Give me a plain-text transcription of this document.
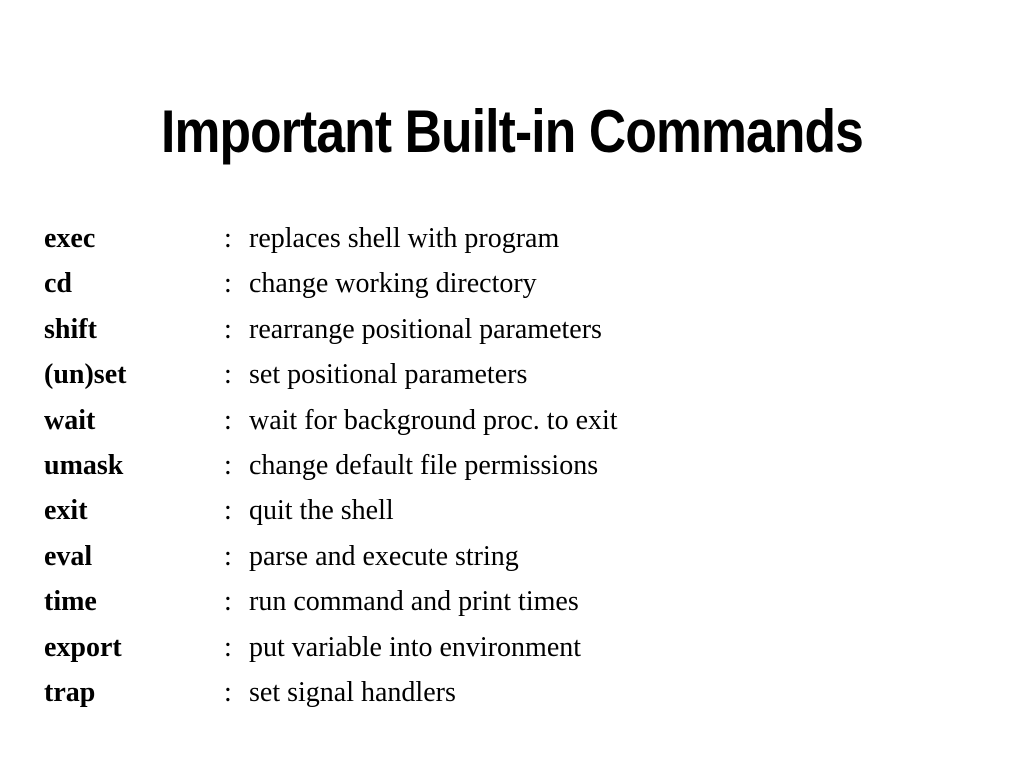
Important Built-in Commands
exec	: replaces shell with program
cd	: change working directory
shift	: rearrange positional parameters
(un)set	: set positional parameters
wait	: wait for background proc. to exit
umask	: change default file permissions
exit	: quit the shell
eval	: parse and execute string
time	: run command and print times
export	: put variable into environment
trap	: set signal handlers
